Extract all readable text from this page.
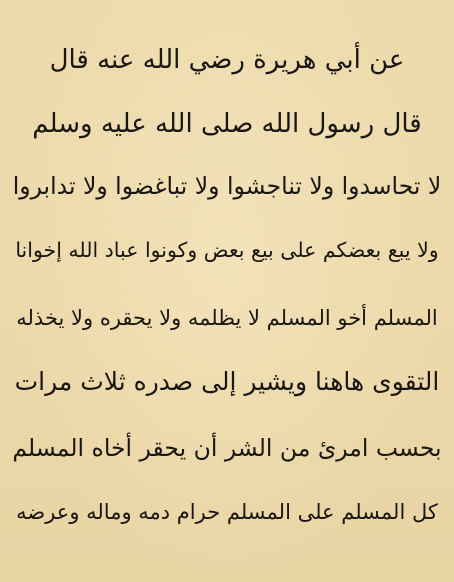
عن أبي هريرة رضي الله عنه قال
قال رسول الله صلى الله عليه وسلم
لا تحاسدوا ولا تناجشوا ولا تباغضوا ولا تدابروا
ولا يبع بعضكم على بيع بعض وكونوا عباد الله إخوانا
المسلم أخو المسلم لا يظلمه ولا يحقره ولا يخذله
التقوى هاهنا ويشير إلى صدره ثلاث مرات
بحسب امرئ من الشر أن يحقر أخاه المسلم
كل المسلم على المسلم حرام دمه وماله وعرضه
